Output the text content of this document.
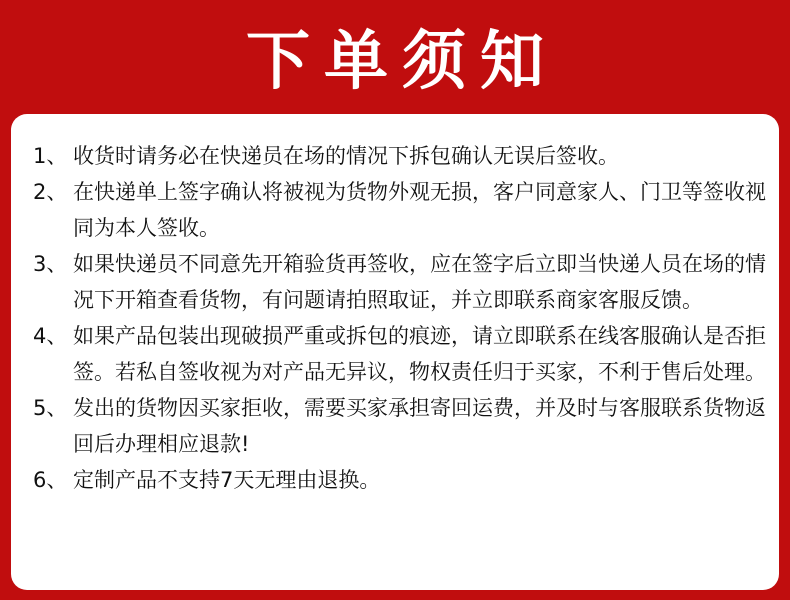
下单须知
1、 收货时请务必在快递员在场的情况下拆包确认无误后签收。
2、 在快递单上签字确认将被视为货物外观无损，客户同意家人、门卫等签收视同为本人签收。
3、 如果快递员不同意先开箱验货再签收，应在签字后立即当快递人员在场的情况下开箱查看货物，有问题请拍照取证，并立即联系商家客服反馈。
4、 如果产品包装出现破损严重或拆包的痕迹，请立即联系在线客服确认是否拒签。若私自签收视为对产品无异议，物权责任归于买家，不利于售后处理。
5、 发出的货物因买家拒收，需要买家承担寄回运费，并及时与客服联系货物返回后办理相应退款!
6、 定制产品不支持7天无理由退换。
